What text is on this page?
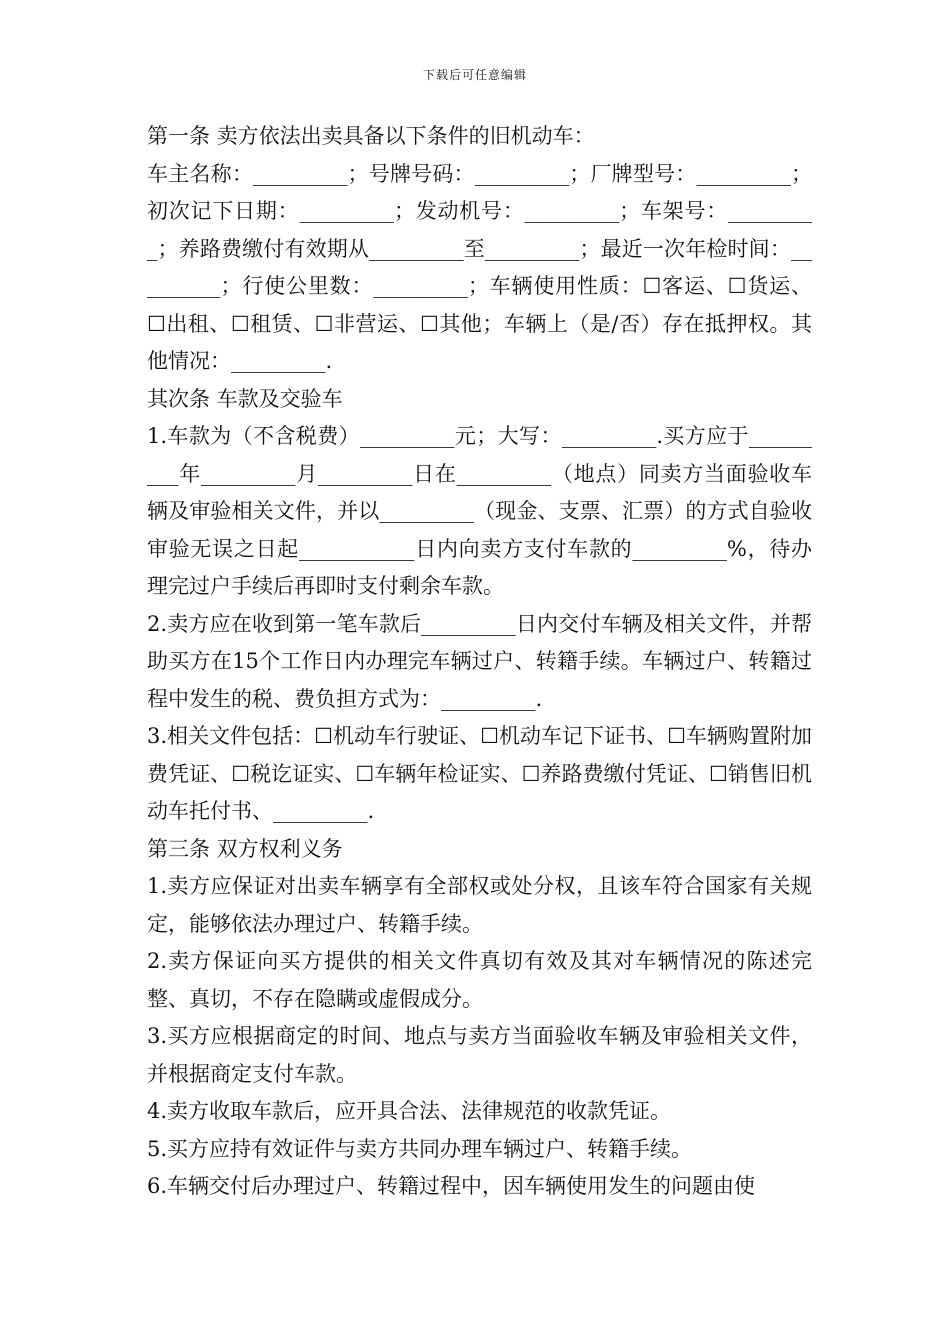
下载后可任意编辑

第一条 卖方依法出卖具备以下条件的旧机动车：

车主名称：_________；号牌号码：_________；厂牌型号：_________；初次记下日期：_________；发动机号：_________；车架号：_________；养路费缴付有效期从_________至_________；最近一次年检时间：_________；行使公里数：_________；车辆使用性质：☐客运、☐货运、☐出租、☐租赁、☐非营运、☐其他；车辆上（是/否）存在抵押权。其他情况：_________.

其次条 车款及交验车

1.车款为（不含税费）_________元；大写：_________.买方应于_________年_________月_________日在_________（地点）同卖方当面验收车辆及审验相关文件，并以_________（现金、支票、汇票）的方式自验收审验无误之日起___________日内向卖方支付车款的_________%，待办理完过户手续后再即时支付剩余车款。

2.卖方应在收到第一笔车款后_________日内交付车辆及相关文件，并帮助买方在15个工作日内办理完车辆过户、转籍手续。车辆过户、转籍过程中发生的税、费负担方式为：_________.

3.相关文件包括：☐机动车行驶证、☐机动车记下证书、☐车辆购置附加费凭证、☐税讫证实、☐车辆年检证实、☐养路费缴付凭证、☐销售旧机动车托付书、_________.

第三条 双方权利义务

1.卖方应保证对出卖车辆享有全部权或处分权，且该车符合国家有关规定，能够依法办理过户、转籍手续。

2.卖方保证向买方提供的相关文件真切有效及其对车辆情况的陈述完整、真切，不存在隐瞒或虚假成分。

3.买方应根据商定的时间、地点与卖方当面验收车辆及审验相关文件，并根据商定支付车款。

4.卖方收取车款后，应开具合法、法律规范的收款凭证。

5.买方应持有效证件与卖方共同办理车辆过户、转籍手续。

6.车辆交付后办理过户、转籍过程中，因车辆使用发生的问题由使
